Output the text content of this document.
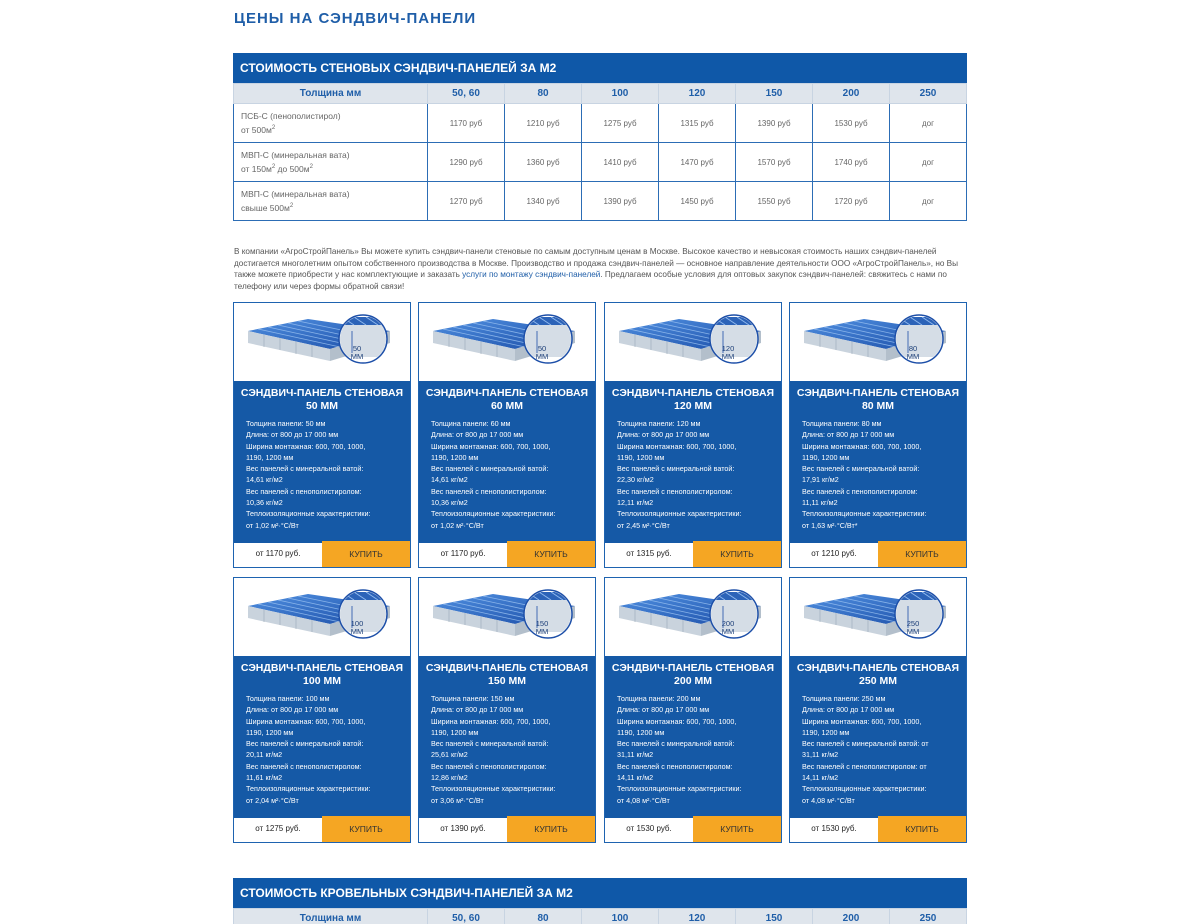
ЦЕНЫ НА СЭНДВИЧ-ПАНЕЛИ
СТОИМОСТЬ СТЕНОВЫХ СЭНДВИЧ-ПАНЕЛЕЙ ЗА М2
Толщина мм	50, 60	80	100	120	150	200	250
ПСБ-С (пенополистирол)
от $500м^2$	1170 руб	1210 руб	1275 руб	1315 руб	1390 руб	1530 руб	дог
МВП-С (минеральная вата)
от $150м^2$ до $500м^2$	1290 руб	1360 руб	1410 руб	1470 руб	1570 руб	1740 руб	дог
МВП-С (минеральная вата)
свыше $500м^2$	1270 руб	1340 руб	1390 руб	1450 руб	1550 руб	1720 руб	дог
В компании «АгроСтройПанель» Вы можете купить сэндвич-панели стеновые по самым доступным ценам в Москве. Высокое качество и невысокая стоимость наших сэндвич-панелей достигается многолетним опытом собственного производства в Москве. Производство и продажа сэндвич-панелей — основное направление деятельности ООО «АгроСтройПанель», но Вы также можете приобрести у нас комплектующие и заказать услуги по монтажу сэндвич-панелей. Предлагаем особые условия для оптовых закупок сэндвич-панелей: свяжитесь с нами по телефону или через формы обратной связи!
50
ММ
СЭНДВИЧ-ПАНЕЛЬ СТЕНОВАЯ
50 ММ
Толщина панели: 50 мм
Длина: от 800 до 17 000 мм
Ширина монтажная: 600, 700, 1000,
1190, 1200 мм
Вес панелей с минеральной ватой:
14,61 кг/м2
Вес панелей с пенополистиролом:
10,36 кг/м2
Теплоизоляционные характеристики:
от 1,02 м²·°С/Вт
от 1170 руб.	КУПИТЬ
50
ММ
СЭНДВИЧ-ПАНЕЛЬ СТЕНОВАЯ
60 ММ
Толщина панели: 60 мм
Длина: от 800 до 17 000 мм
Ширина монтажная: 600, 700, 1000,
1190, 1200 мм
Вес панелей с минеральной ватой:
14,61 кг/м2
Вес панелей с пенополистиролом:
10,36 кг/м2
Теплоизоляционные характеристики:
от 1,02 м²·°С/Вт
от 1170 руб.	КУПИТЬ
120
ММ
СЭНДВИЧ-ПАНЕЛЬ СТЕНОВАЯ
120 ММ
Толщина панели: 120 мм
Длина: от 800 до 17 000 мм
Ширина монтажная: 600, 700, 1000,
1190, 1200 мм
Вес панелей с минеральной ватой:
22,30 кг/м2
Вес панелей с пенополистиролом:
12,11 кг/м2
Теплоизоляционные характеристики:
от 2,45 м²·°С/Вт
от 1315 руб.	КУПИТЬ
80
ММ
СЭНДВИЧ-ПАНЕЛЬ СТЕНОВАЯ
80 ММ
Толщина панели: 80 мм
Длина: от 800 до 17 000 мм
Ширина монтажная: 600, 700, 1000,
1190, 1200 мм
Вес панелей с минеральной ватой:
17,91 кг/м2
Вес панелей с пенополистиролом:
11,11 кг/м2
Теплоизоляционные характеристики:
от 1,63 м²·°С/Вт*
от 1210 руб.	КУПИТЬ
100
ММ
СЭНДВИЧ-ПАНЕЛЬ СТЕНОВАЯ
100 ММ
Толщина панели: 100 мм
Длина: от 800 до 17 000 мм
Ширина монтажная: 600, 700, 1000,
1190, 1200 мм
Вес панелей с минеральной ватой:
20,11 кг/м2
Вес панелей с пенополистиролом:
11,61 кг/м2
Теплоизоляционные характеристики:
от 2,04 м²·°С/Вт
от 1275 руб.	КУПИТЬ
150
ММ
СЭНДВИЧ-ПАНЕЛЬ СТЕНОВАЯ
150 ММ
Толщина панели: 150 мм
Длина: от 800 до 17 000 мм
Ширина монтажная: 600, 700, 1000,
1190, 1200 мм
Вес панелей с минеральной ватой:
25,61 кг/м2
Вес панелей с пенополистиролом:
12,86 кг/м2
Теплоизоляционные характеристики:
от 3,06 м²·°С/Вт
от 1390 руб.	КУПИТЬ
200
ММ
СЭНДВИЧ-ПАНЕЛЬ СТЕНОВАЯ
200 ММ
Толщина панели: 200 мм
Длина: от 800 до 17 000 мм
Ширина монтажная: 600, 700, 1000,
1190, 1200 мм
Вес панелей с минеральной ватой:
31,11 кг/м2
Вес панелей с пенополистиролом:
14,11 кг/м2
Теплоизоляционные характеристики:
от 4,08 м²·°С/Вт
от 1530 руб.	КУПИТЬ
250
ММ
СЭНДВИЧ-ПАНЕЛЬ СТЕНОВАЯ
250 ММ
Толщина панели: 250 мм
Длина: от 800 до 17 000 мм
Ширина монтажная: 600, 700, 1000,
1190, 1200 мм
Вес панелей с минеральной ватой: от
31,11 кг/м2
Вес панелей с пенополистиролом: от
14,11 кг/м2
Теплоизоляционные характеристики:
от 4,08 м²·°С/Вт
от 1530 руб.	КУПИТЬ
СТОИМОСТЬ КРОВЕЛЬНЫХ СЭНДВИЧ-ПАНЕЛЕЙ ЗА М2
Толщина мм	50, 60	80	100	120	150	200	250
